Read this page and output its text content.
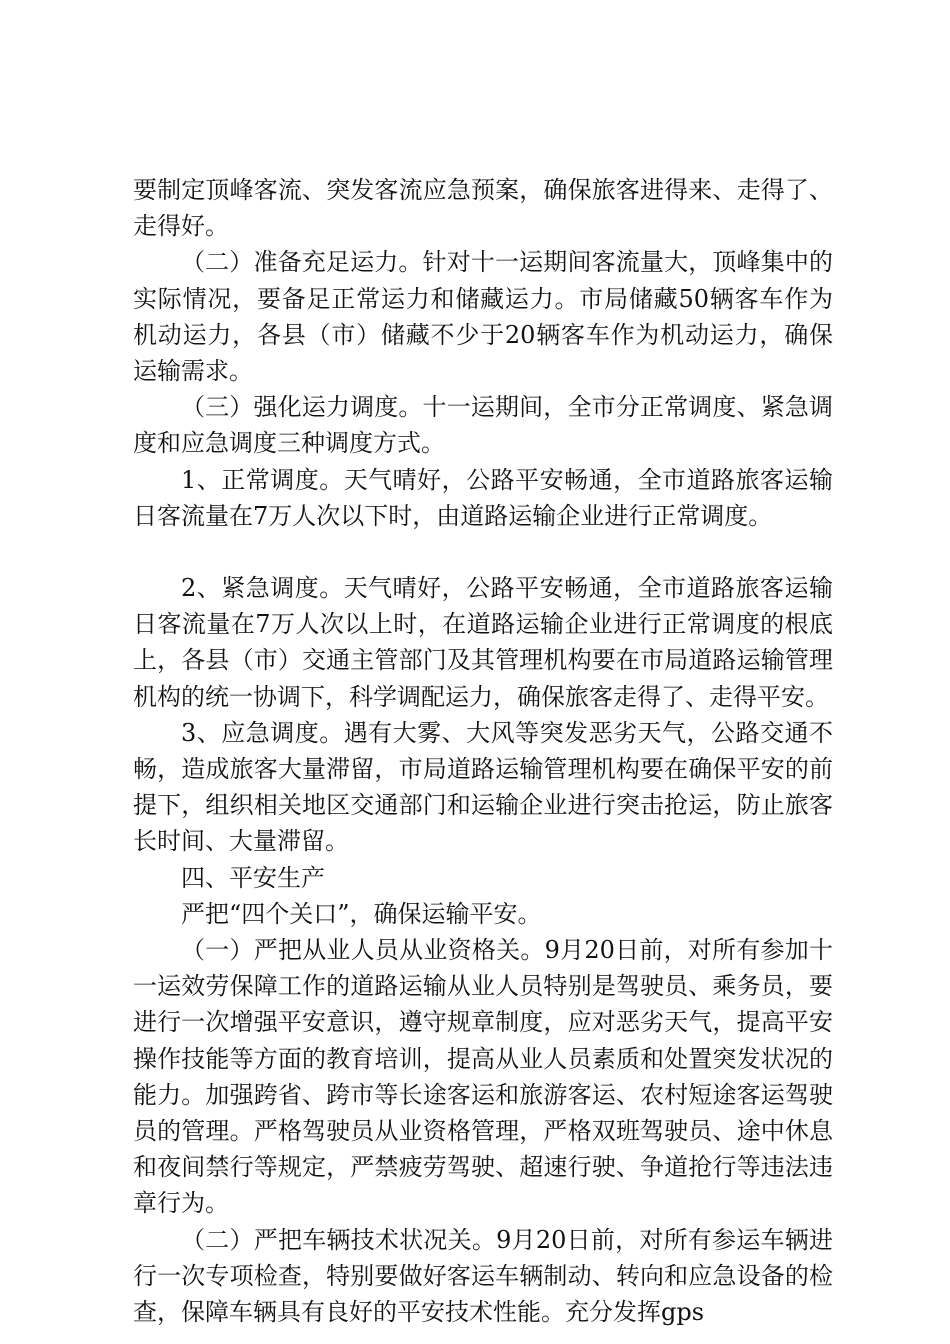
要制定顶峰客流、突发客流应急预案，确保旅客进得来、走得了、走得好。

（二）准备充足运力。针对十一运期间客流量大，顶峰集中的实际情况，要备足正常运力和储藏运力。市局储藏50辆客车作为机动运力，各县（市）储藏不少于20辆客车作为机动运力，确保运输需求。

（三）强化运力调度。十一运期间，全市分正常调度、紧急调度和应急调度三种调度方式。

1、正常调度。天气晴好，公路平安畅通，全市道路旅客运输日客流量在7万人次以下时，由道路运输企业进行正常调度。

2、紧急调度。天气晴好，公路平安畅通，全市道路旅客运输日客流量在7万人次以上时，在道路运输企业进行正常调度的根底上，各县（市）交通主管部门及其管理机构要在市局道路运输管理机构的统一协调下，科学调配运力，确保旅客走得了、走得平安。

3、应急调度。遇有大雾、大风等突发恶劣天气，公路交通不畅，造成旅客大量滞留，市局道路运输管理机构要在确保平安的前提下，组织相关地区交通部门和运输企业进行突击抢运，防止旅客长时间、大量滞留。

四、平安生产

严把“四个关口”，确保运输平安。

（一）严把从业人员从业资格关。9月20日前，对所有参加十一运效劳保障工作的道路运输从业人员特别是驾驶员、乘务员，要进行一次增强平安意识，遵守规章制度，应对恶劣天气，提高平安操作技能等方面的教育培训，提高从业人员素质和处置突发状况的能力。加强跨省、跨市等长途客运和旅游客运、农村短途客运驾驶员的管理。严格驾驶员从业资格管理，严格双班驾驶员、途中休息和夜间禁行等规定，严禁疲劳驾驶、超速行驶、争道抢行等违法违章行为。

（二）严把车辆技术状况关。9月20日前，对所有参运车辆进行一次专项检查，特别要做好客运车辆制动、转向和应急设备的检查，保障车辆具有良好的平安技术性能。充分发挥gps
